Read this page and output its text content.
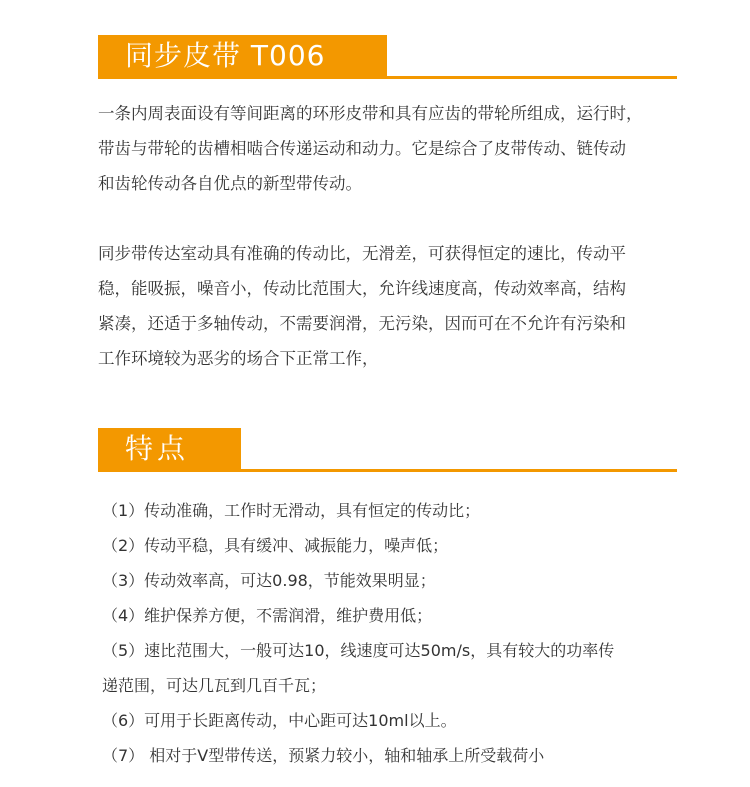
同步皮带 T006

一条内周表面设有等间距离的环形皮带和具有应齿的带轮所组成，运行时，
带齿与带轮的齿槽相啮合传递运动和动力。它是综合了皮带传动、链传动
和齿轮传动各自优点的新型带传动。

同步带传达室动具有准确的传动比，无滑差，可获得恒定的速比，传动平
稳，能吸振，噪音小，传动比范围大，允许线速度高，传动效率高，结构
紧凑，还适于多轴传动，不需要润滑，无污染，因而可在不允许有污染和
工作环境较为恶劣的场合下正常工作，

特点
（1）传动准确，工作时无滑动，具有恒定的传动比；
（2）传动平稳，具有缓冲、减振能力，噪声低；
（3）传动效率高，可达0.98，节能效果明显；
（4）维护保养方便，不需润滑，维护费用低；
（5）速比范围大，一般可达10，线速度可达50m/s，具有较大的功率传
递范围，可达几瓦到几百千瓦；
（6）可用于长距离传动，中心距可达10ml以上。
（7） 相对于V型带传送，预紧力较小，轴和轴承上所受载荷小
